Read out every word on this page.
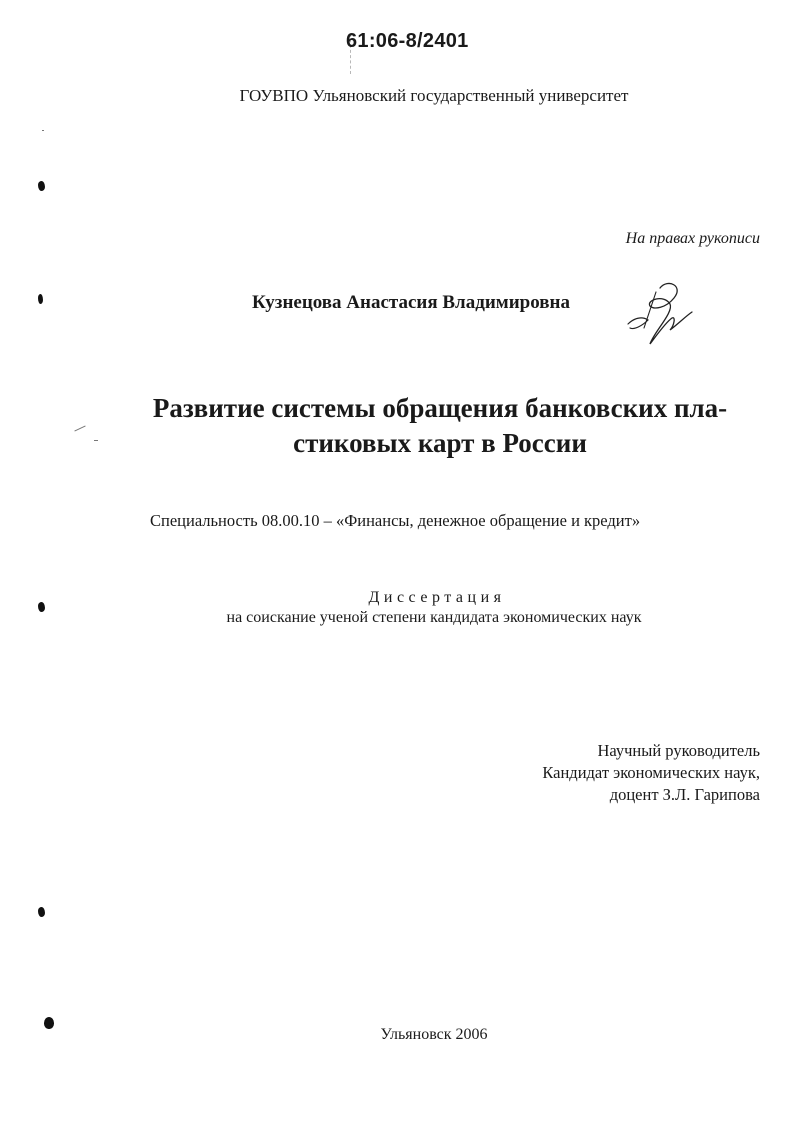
61:06-8/2401
ГОУВПО Ульяновский государственный университет
На правах рукописи
Кузнецова Анастасия Владимировна
Развитие системы обращения банковских пла-
стиковых карт в России
Специальность 08.00.10 – «Финансы, денежное обращение и кредит»
Диссертация
на соискание ученой степени кандидата экономических наук
Научный руководитель
Кандидат экономических наук,
доцент З.Л. Гарипова
Ульяновск 2006
